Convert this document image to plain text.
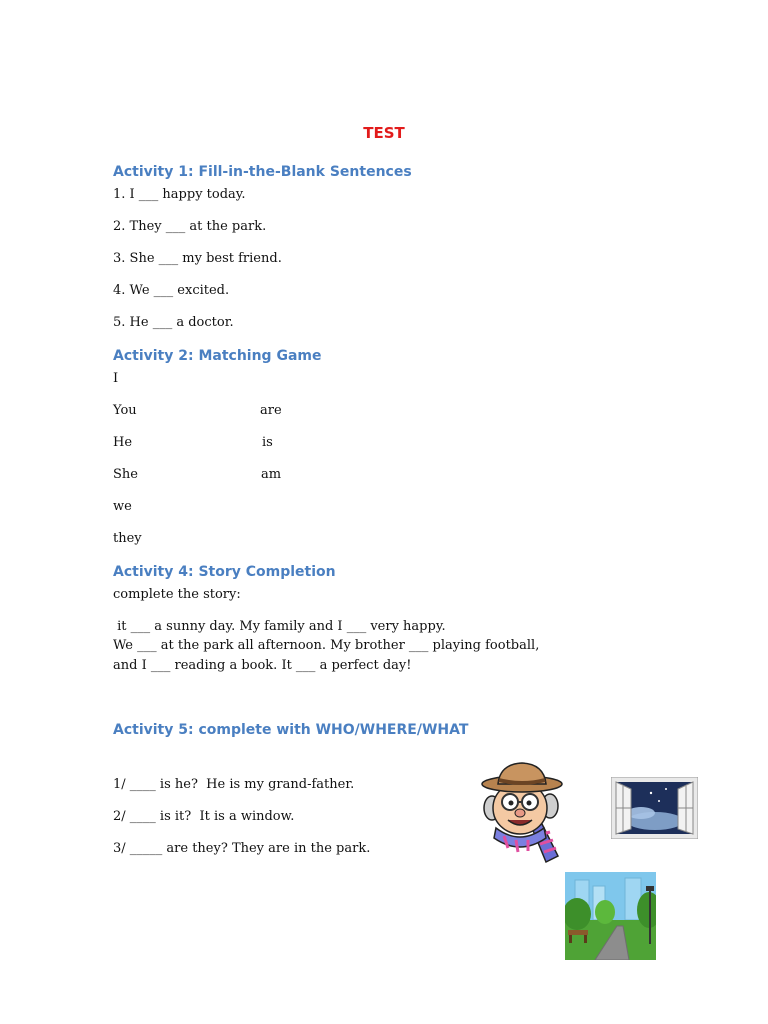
TEST
Activity 1: Fill-in-the-Blank Sentences
1. I ___ happy today.
2. They ___ at the park.
3. She ___ my best friend.
4. We ___ excited.
5. He ___ a doctor.
Activity 2: Matching Game
I
You
He
She
we
they
are
is
am
Activity 4: Story Completion
complete the story:
it ___ a sunny day. My family and I ___ very happy.
We ___ at the park all afternoon. My brother ___ playing football,
and I ___ reading a book. It ___ a perfect day!
Activity 5: complete with WHO/WHERE/WHAT
1/ ____ is he?  He is my grand-father.
2/ ____ is it?  It is a window.
3/ _____ are they? They are in the park.
